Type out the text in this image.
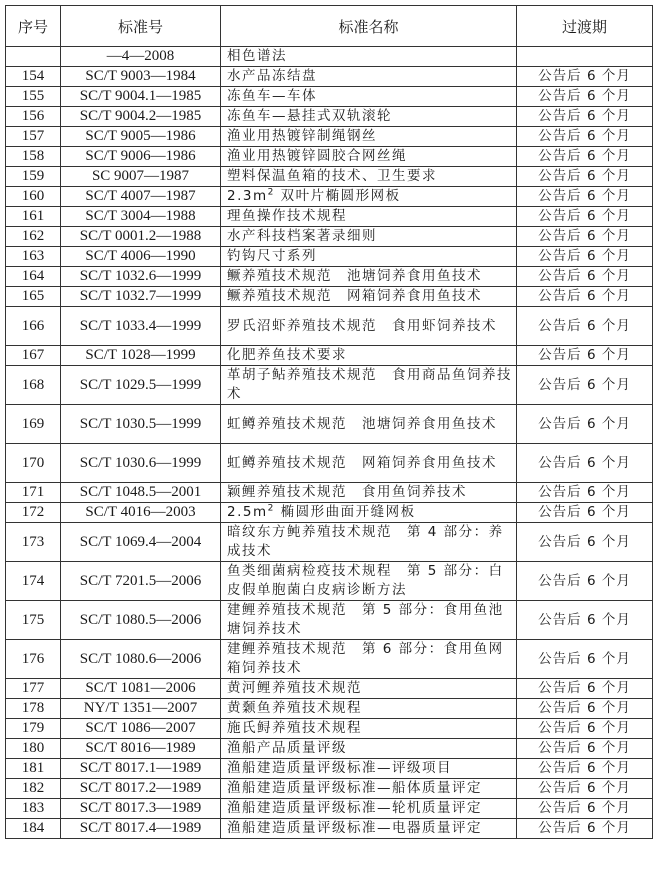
序号	标准号	标准名称	过渡期
	—4—2008	相色谱法	
154	SC/T 9003—1984	水产品冻结盘	公告后 6 个月
155	SC/T 9004.1—1985	冻鱼车—车体	公告后 6 个月
156	SC/T 9004.2—1985	冻鱼车—悬挂式双轨滚轮	公告后 6 个月
157	SC/T 9005—1986	渔业用热镀锌制绳钢丝	公告后 6 个月
158	SC/T 9006—1986	渔业用热镀锌圆胶合网丝绳	公告后 6 个月
159	SC 9007—1987	塑料保温鱼箱的技术、卫生要求	公告后 6 个月
160	SC/T 4007—1987	$2.3m^2$ 双叶片椭圆形网板	公告后 6 个月
161	SC/T 3004—1988	理鱼操作技术规程	公告后 6 个月
162	SC/T 0001.2—1988	水产科技档案著录细则	公告后 6 个月
163	SC/T 4006—1990	钓钩尺寸系列	公告后 6 个月
164	SC/T 1032.6—1999	鳜养殖技术规范　池塘饲养食用鱼技术	公告后 6 个月
165	SC/T 1032.7—1999	鳜养殖技术规范　网箱饲养食用鱼技术	公告后 6 个月
166	SC/T 1033.4—1999	罗氏沼虾养殖技术规范　食用虾饲养技术	公告后 6 个月
167	SC/T 1028—1999	化肥养鱼技术要求	公告后 6 个月
168	SC/T 1029.5—1999	革胡子鲇养殖技术规范　食用商品鱼饲养技术	公告后 6 个月
169	SC/T 1030.5—1999	虹鳟养殖技术规范　池塘饲养食用鱼技术	公告后 6 个月
170	SC/T 1030.6—1999	虹鳟养殖技术规范　网箱饲养食用鱼技术	公告后 6 个月
171	SC/T 1048.5—2001	颖鲤养殖技术规范　食用鱼饲养技术	公告后 6 个月
172	SC/T 4016—2003	$2.5m^2$ 椭圆形曲面开缝网板	公告后 6 个月
173	SC/T 1069.4—2004	暗纹东方鲀养殖技术规范　第 4 部分：养成技术	公告后 6 个月
174	SC/T 7201.5—2006	鱼类细菌病检疫技术规程　第 5 部分：白皮假单胞菌白皮病诊断方法	公告后 6 个月
175	SC/T 1080.5—2006	建鲤养殖技术规范　第 5 部分：食用鱼池塘饲养技术	公告后 6 个月
176	SC/T 1080.6—2006	建鲤养殖技术规范　第 6 部分：食用鱼网箱饲养技术	公告后 6 个月
177	SC/T 1081—2006	黄河鲤养殖技术规范	公告后 6 个月
178	NY/T 1351—2007	黄颡鱼养殖技术规程	公告后 6 个月
179	SC/T 1086—2007	施氏鲟养殖技术规程	公告后 6 个月
180	SC/T 8016—1989	渔船产品质量评级	公告后 6 个月
181	SC/T 8017.1—1989	渔船建造质量评级标准—评级项目	公告后 6 个月
182	SC/T 8017.2—1989	渔船建造质量评级标准—船体质量评定	公告后 6 个月
183	SC/T 8017.3—1989	渔船建造质量评级标准—轮机质量评定	公告后 6 个月
184	SC/T 8017.4—1989	渔船建造质量评级标准—电器质量评定	公告后 6 个月
